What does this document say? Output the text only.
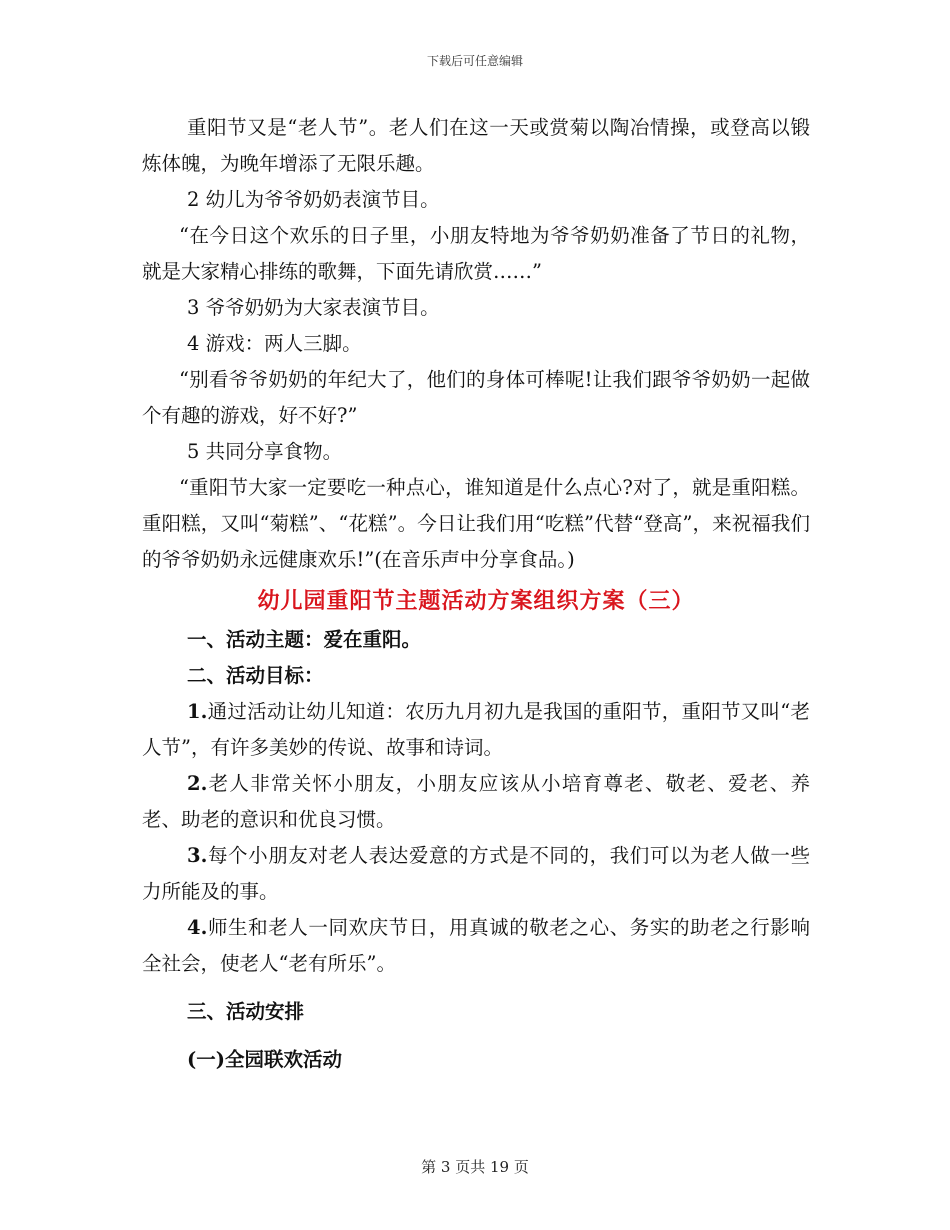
下载后可任意编辑

重阳节又是“老人节”。老人们在这一天或赏菊以陶冶情操，或登高以锻炼体魄，为晚年增添了无限乐趣。

2 幼儿为爷爷奶奶表演节目。

“在今日这个欢乐的日子里，小朋友特地为爷爷奶奶准备了节日的礼物，就是大家精心排练的歌舞，下面先请欣赏……”

3 爷爷奶奶为大家表演节目。

4 游戏：两人三脚。

“别看爷爷奶奶的年纪大了，他们的身体可棒呢!让我们跟爷爷奶奶一起做个有趣的游戏，好不好?”

5 共同分享食物。

“重阳节大家一定要吃一种点心，谁知道是什么点心?对了，就是重阳糕。重阳糕，又叫“菊糕”、“花糕”。今日让我们用“吃糕”代替“登高”，来祝福我们的爷爷奶奶永远健康欢乐!”(在音乐声中分享食品。)

幼儿园重阳节主题活动方案组织方案（三）

一、活动主题：爱在重阳。

二、活动目标：

1.通过活动让幼儿知道：农历九月初九是我国的重阳节，重阳节又叫“老人节”，有许多美妙的传说、故事和诗词。

2.老人非常关怀小朋友，小朋友应该从小培育尊老、敬老、爱老、养老、助老的意识和优良习惯。

3.每个小朋友对老人表达爱意的方式是不同的，我们可以为老人做一些力所能及的事。

4.师生和老人一同欢庆节日，用真诚的敬老之心、务实的助老之行影响全社会，使老人“老有所乐”。

三、活动安排

(一)全园联欢活动

第 3 页共 19 页
